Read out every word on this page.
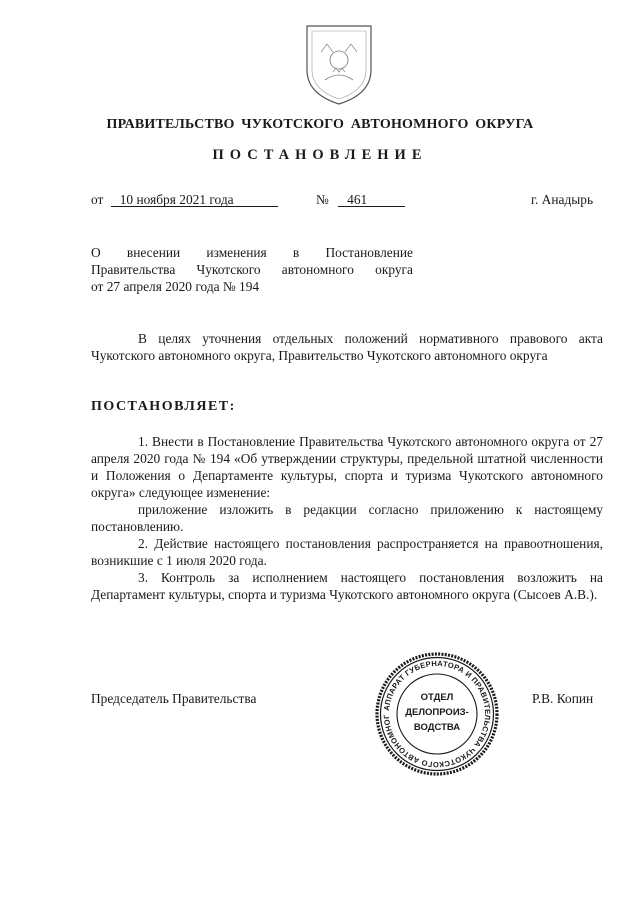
ПРАВИТЕЛЬСТВО ЧУКОТСКОГО АВТОНОМНОГО ОКРУГА
ПОСТАНОВЛЕНИЕ
от 10 ноября 2021 года	№ 461	г. Анадырь
О внесении изменения в Постановление
Правительства Чукотского автономного округа
от 27 апреля 2020 года № 194
В целях уточнения отдельных положений нормативного правового акта Чукотского автономного округа, Правительство Чукотского автономного округа
ПОСТАНОВЛЯЕТ:
1. Внести в Постановление Правительства Чукотского автономного округа от 27 апреля 2020 года № 194 «Об утверждении структуры, предельной штатной численности и Положения о Департаменте культуры, спорта и туризма Чукотского автономного округа» следующее изменение:
приложение изложить в редакции согласно приложению к настоящему постановлению.
2. Действие настоящего постановления распространяется на правоотношения, возникшие с 1 июля 2020 года.
3. Контроль за исполнением настоящего постановления возложить на Департамент культуры, спорта и туризма Чукотского автономного округа (Сысоев А.В.).
Председатель Правительства	Р.В. Копин
АППАРАТ ГУБЕРНАТОРА И ПРАВИТЕЛЬСТВА ЧУКОТСКОГО АВТОНОМНОГ
ОТДЕЛ
ДЕЛОПРОИЗ-
ВОДСТВА
